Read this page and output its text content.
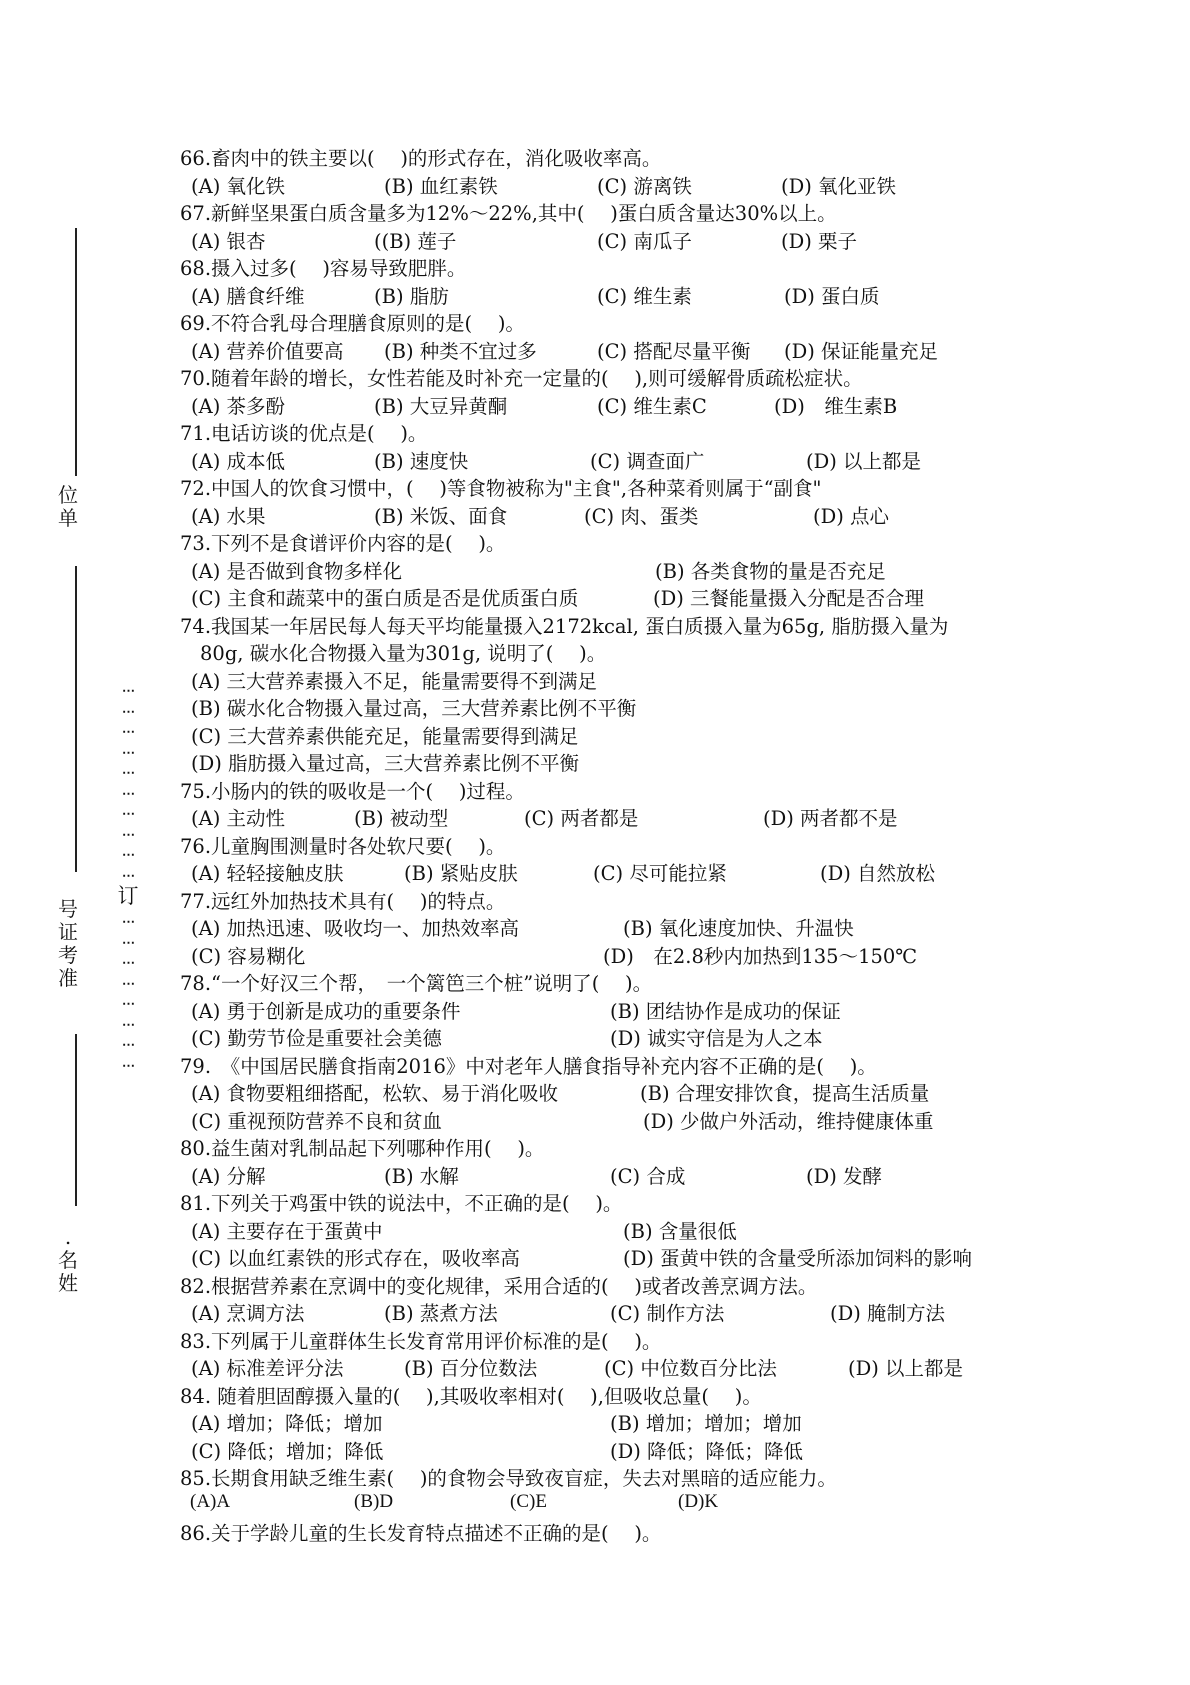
位单
号证考准
.名姓
⋯
⋯
⋯
⋯
⋯
⋯
⋯
⋯
⋯
⋯
订
⋯
⋯
⋯
⋯
⋯
⋯
⋯
⋯
66.畜肉中的铁主要以(　 )的形式存在，消化吸收率高。
(A) 氧化铁	(B) 血红素铁	(C) 游离铁	(D) 氧化亚铁
67.新鲜坚果蛋白质含量多为12%～22%,其中(　 )蛋白质含量达30%以上。
(A) 银杏	((B) 莲子	(C) 南瓜子	(D) 栗子
68.摄入过多(　 )容易导致肥胖。
(A) 膳食纤维	(B) 脂肪	(C) 维生素	(D) 蛋白质
69.不符合乳母合理膳食原则的是(　 )。
(A) 营养价值要高 (B) 种类不宜过多	(C) 搭配尽量平衡 (D) 保证能量充足
70.随着年龄的增长，女性若能及时补充一定量的(　 ),则可缓解骨质疏松症状。
(A) 茶多酚	(B) 大豆异黄酮	(C) 维生素C	(D)　维生素B
71.电话访谈的优点是(　 )。
(A) 成本低	(B) 速度快	(C) 调查面广	(D) 以上都是
72.中国人的饮食习惯中，(　 )等食物被称为"主食",各种菜肴则属于“副食"
(A) 水果	(B) 米饭、面食	(C) 肉、蛋类	(D) 点心
73.下列不是食谱评价内容的是(　 )。
(A) 是否做到食物多样化	(B) 各类食物的量是否充足
(C) 主食和蔬菜中的蛋白质是否是优质蛋白质	(D) 三餐能量摄入分配是否合理
74.我国某一年居民每人每天平均能量摄入2172kcal, 蛋白质摄入量为65g, 脂肪摄入量为
80g, 碳水化合物摄入量为301g, 说明了(　 )。
(A) 三大营养素摄入不足，能量需要得不到满足
(B) 碳水化合物摄入量过高，三大营养素比例不平衡
(C) 三大营养素供能充足，能量需要得到满足
(D) 脂肪摄入量过高，三大营养素比例不平衡
75.小肠内的铁的吸收是一个(　 )过程。
(A) 主动性	(B) 被动型	(C) 两者都是	(D) 两者都不是
76.儿童胸围测量时各处软尺要(　 )。
(A) 轻轻接触皮肤	(B) 紧贴皮肤	(C) 尽可能拉紧	(D) 自然放松
77.远红外加热技术具有(　 )的特点。
(A) 加热迅速、吸收均一、加热效率高	(B) 氧化速度加快、升温快
(C) 容易糊化	(D)　在2.8秒内加热到135～150℃
78.“一个好汉三个帮，　一个篱笆三个桩”说明了(　 )。
(A) 勇于创新是成功的重要条件	(B) 团结协作是成功的保证
(C) 勤劳节俭是重要社会美德	(D) 诚实守信是为人之本
79.　《中国居民膳食指南2016》中对老年人膳食指导补充内容不正确的是(　 )。
(A) 食物要粗细搭配，松软、易于消化吸收	(B) 合理安排饮食，提高生活质量
(C) 重视预防营养不良和贫血	(D) 少做户外活动，维持健康体重
80.益生菌对乳制品起下列哪种作用(　 )。
(A) 分解	(B) 水解	(C) 合成	(D) 发酵
81.下列关于鸡蛋中铁的说法中，不正确的是(　 )。
(A) 主要存在于蛋黄中	(B) 含量很低
(C) 以血红素铁的形式存在，吸收率高	(D) 蛋黄中铁的含量受所添加饲料的影响
82.根据营养素在烹调中的变化规律，采用合适的(　 )或者改善烹调方法。
(A) 烹调方法	(B) 蒸煮方法	(C) 制作方法	(D) 腌制方法
83.下列属于儿童群体生长发育常用评价标准的是(　 )。
(A) 标准差评分法	(B) 百分位数法	(C) 中位数百分比法	(D) 以上都是
84. 随着胆固醇摄入量的(　 ),其吸收率相对(　 ),但吸收总量(　 )。
(A) 增加；降低；增加	(B) 增加；增加；增加
(C) 降低；增加；降低	(D) 降低；降低；降低
85.长期食用缺乏维生素(　 )的食物会导致夜盲症，失去对黑暗的适应能力。
(A)A	(B)D	(C)E	(D)K
86.关于学龄儿童的生长发育特点描述不正确的是(　 )。
